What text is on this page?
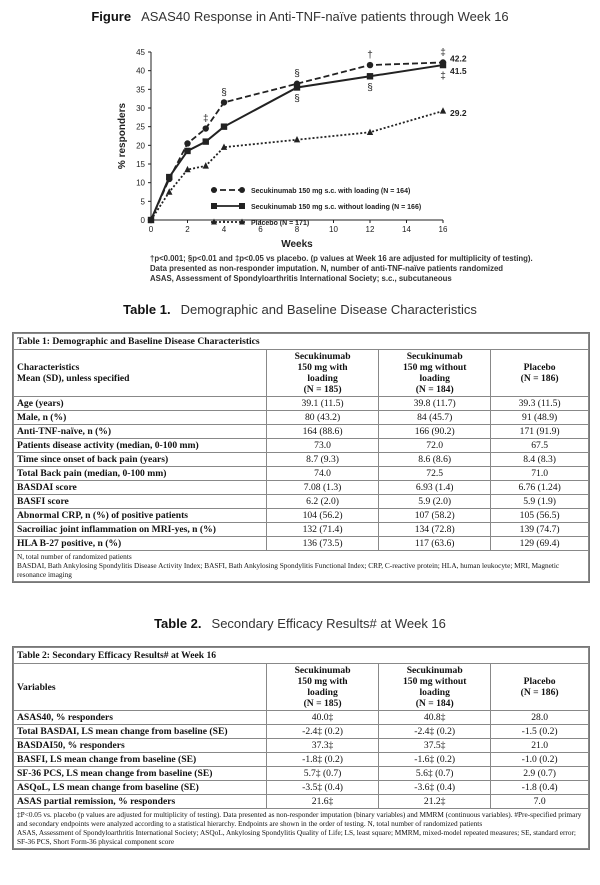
Figure ASAS40 Response in Anti-TNF-naïve patients through Week 16
0
5
10
15
20
25
30
35
40
45
0	2	4	6	8	10	12	14	16
Weeks
% responders
42.2
41.5
29.2
‡
§
§
†	‡
§
§
‡
Secukinumab 150 mg s.c. with loading (N = 164)
Secukinumab 150 mg s.c. without loading (N = 166)
Placebo (N = 171)
†p<0.001; §p<0.01 and ‡p<0.05 vs placebo. (p values at Week 16 are adjusted for multiplicity of testing).
Data presented as non-responder imputation. N, number of anti-TNF-naïve patients randomized
ASAS, Assessment of Spondyloarthritis International Society; s.c., subcutaneous
Table 1. Demographic and Baseline Disease Characteristics
Table 1: Demographic and Baseline Disease Characteristics			
Characteristics
Mean (SD), unless specified	Secukinumab
150 mg with
loading
(N = 185)	Secukinumab
150 mg without
loading
(N = 184)	Placebo
(N = 186)
Age (years)	39.1 (11.5)	39.8 (11.7)	39.3 (11.5)
Male, n (%)	80 (43.2)	84 (45.7)	91 (48.9)
Anti-TNF-naïve, n (%)	164 (88.6)	166 (90.2)	171 (91.9)
Patients disease activity (median, 0-100 mm)	73.0	72.0	67.5
Time since onset of back pain (years)	8.7 (9.3)	8.6 (8.6)	8.4 (8.3)
Total Back pain (median, 0-100 mm)	74.0	72.5	71.0
BASDAI score	7.08 (1.3)	6.93 (1.4)	6.76 (1.24)
BASFI score	6.2 (2.0)	5.9 (2.0)	5.9 (1.9)
Abnormal CRP, n (%) of positive patients	104 (56.2)	107 (58.2)	105 (56.5)
Sacroiliac joint inflammation on MRI-yes, n (%)	132 (71.4)	134 (72.8)	139 (74.7)
HLA B-27 positive, n (%)	136 (73.5)	117 (63.6)	129 (69.4)
N, total number of randomized patients
BASDAI, Bath Ankylosing Spondylitis Disease Activity Index; BASFI, Bath Ankylosing Spondylitis Functional Index; CRP, C-reactive protein; HLA, human leukocyte; MRI, Magnetic resonance imaging			
Table 2. Secondary Efficacy Results# at Week 16
Table 2: Secondary Efficacy Results# at Week 16			
Variables	Secukinumab
150 mg with
loading
(N = 185)	Secukinumab
150 mg without
loading
(N = 184)	Placebo
(N = 186)
ASAS40, % responders	40.0‡	40.8‡	28.0
Total BASDAI, LS mean change from baseline (SE)	-2.4‡ (0.2)	-2.4‡ (0.2)	-1.5 (0.2)
BASDAI50, % responders	37.3‡	37.5‡	21.0
BASFI, LS mean change from baseline (SE)	-1.8‡ (0.2)	-1.6‡ (0.2)	-1.0 (0.2)
SF-36 PCS, LS mean change from baseline (SE)	5.7‡ (0.7)	5.6‡ (0.7)	2.9 (0.7)
ASQoL, LS mean change from baseline (SE)	-3.5‡ (0.4)	-3.6‡ (0.4)	-1.8 (0.4)
ASAS partial remission, % responders	21.6‡	21.2‡	7.0
‡P<0.05 vs. placebo (p values are adjusted for multiplicity of testing). Data presented as non-responder imputation (binary variables) and MMRM (continuous variables). #Pre-specified primary and secondary endpoints were analyzed according to a statistical hierarchy. Endpoints are shown in the order of testing. N, total number of randomized patients
ASAS, Assessment of Spondyloarthritis International Society; ASQoL, Ankylosing Spondylitis Quality of Life; LS, least square; MMRM, mixed-model repeated measures; SE, standard error; SF-36 PCS, Short Form-36 physical component score			
